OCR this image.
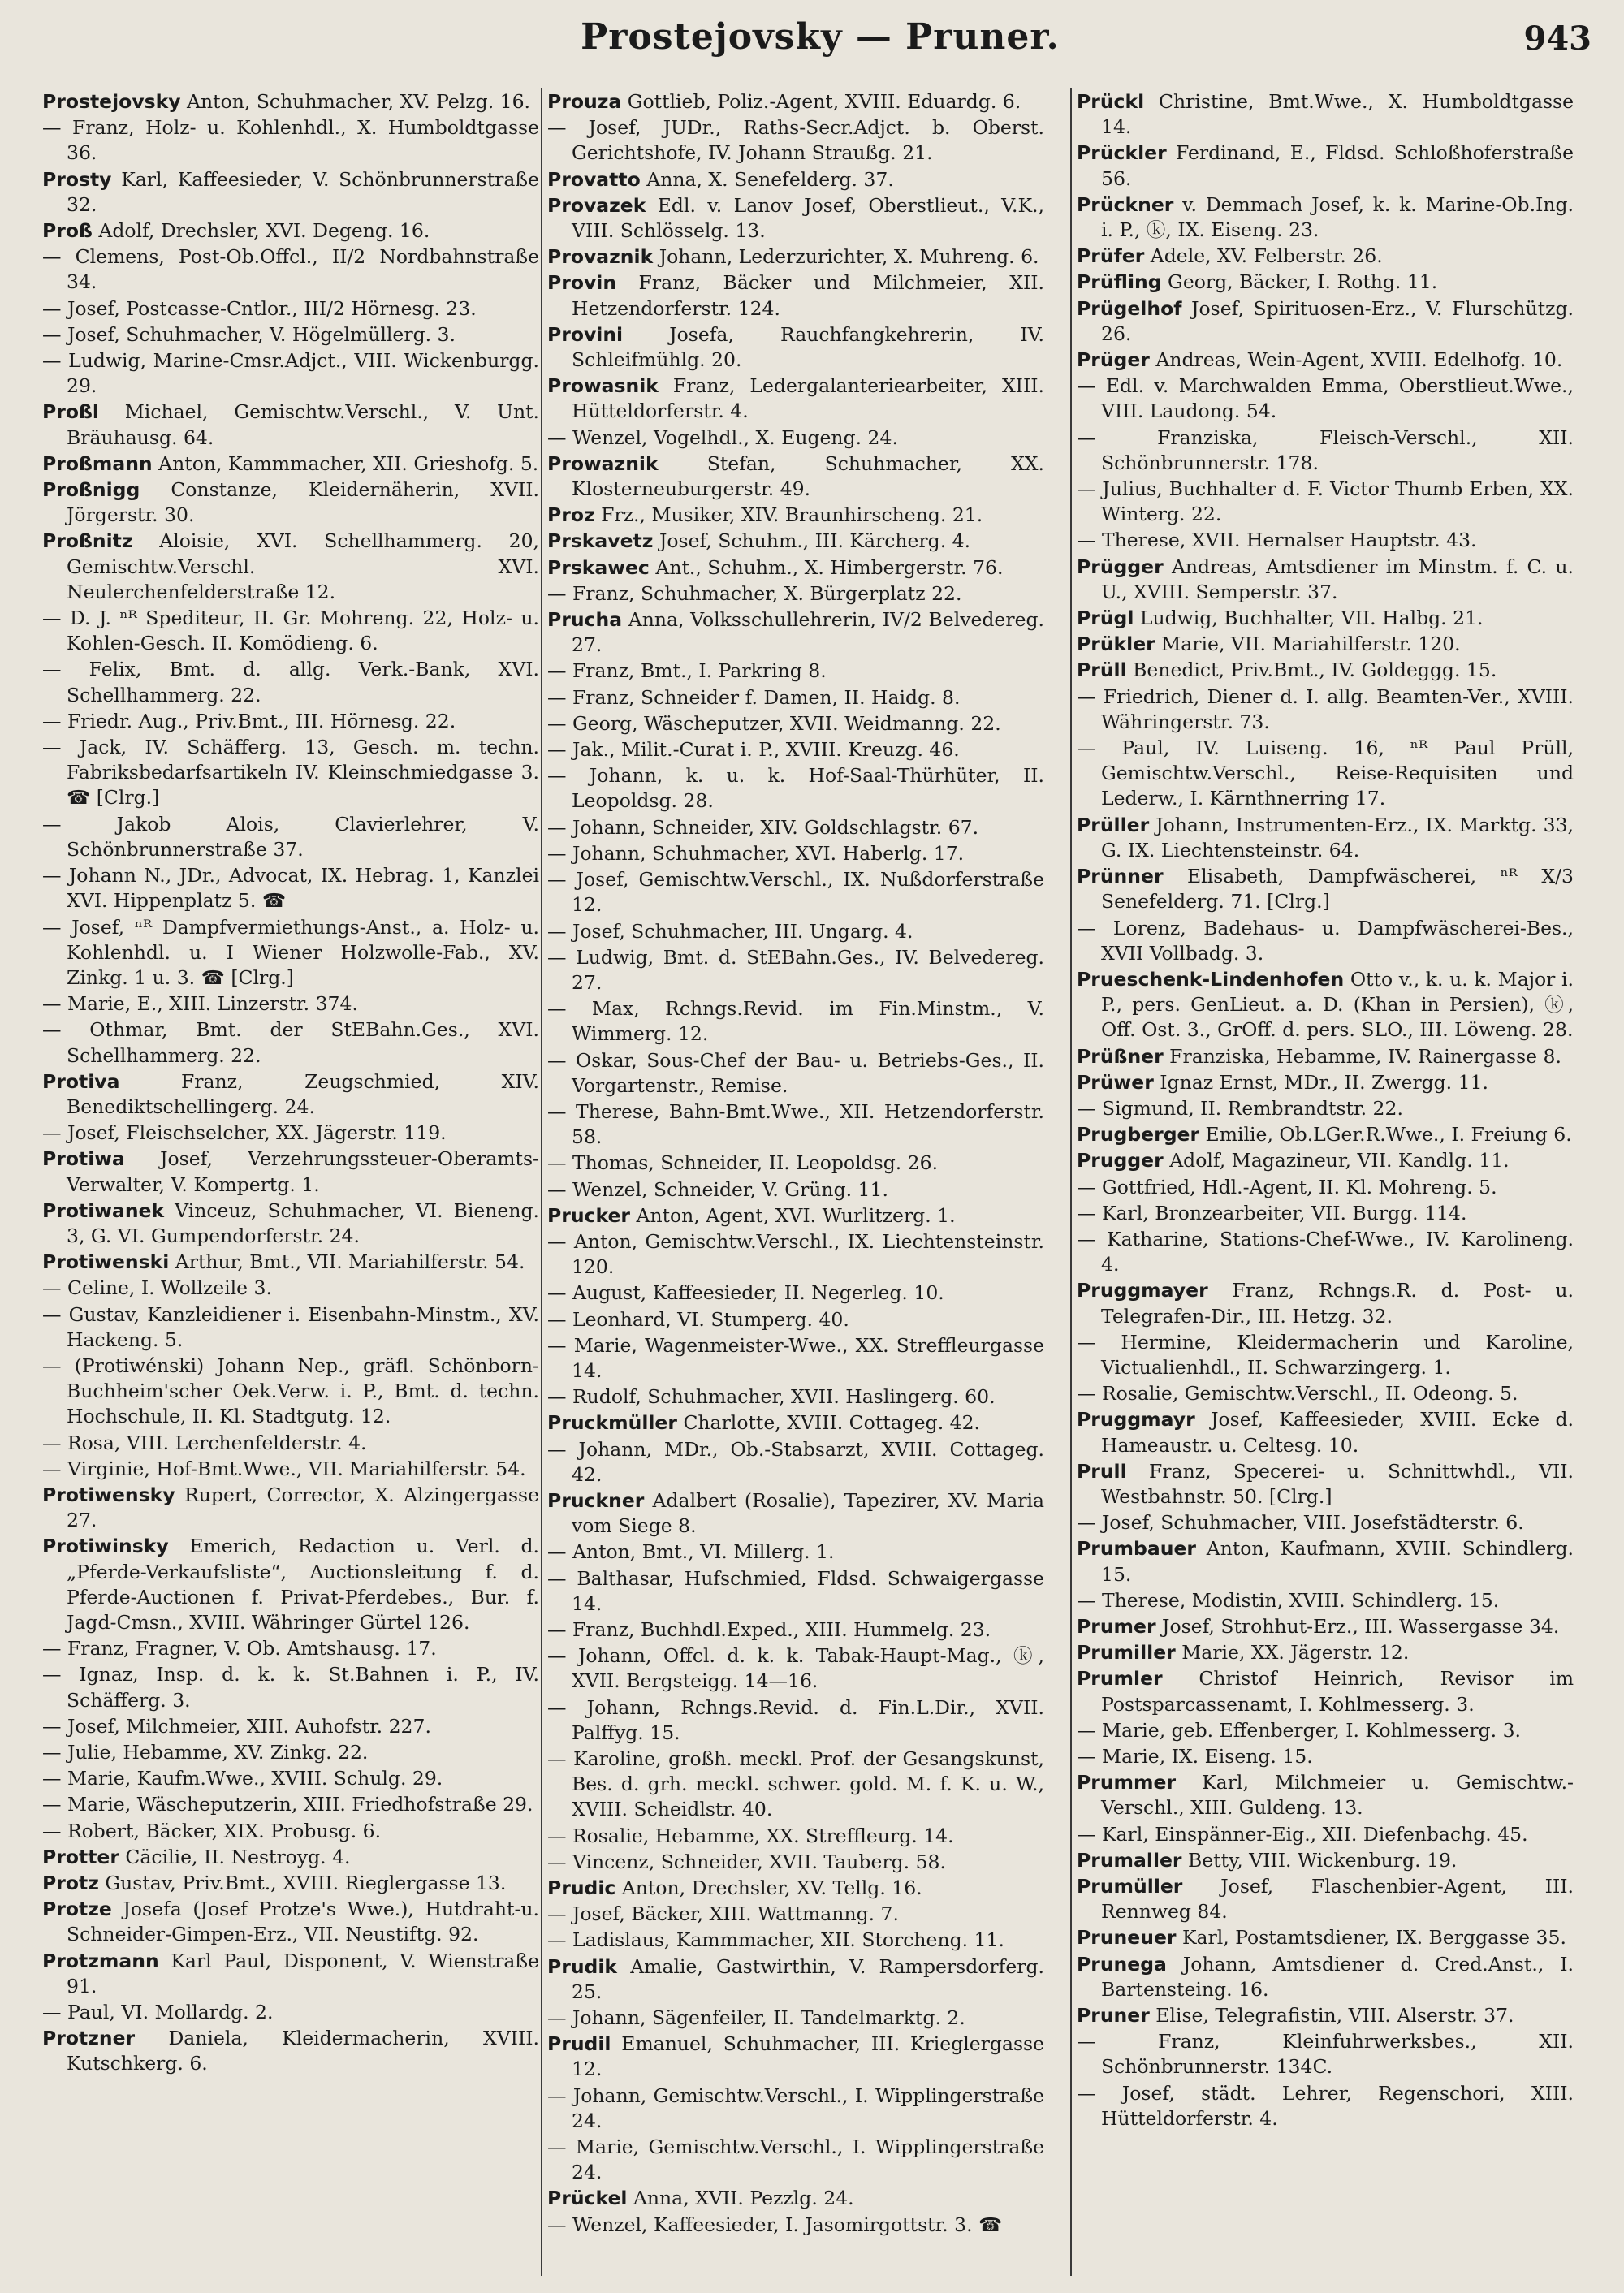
Prostejovsky — Pruner.	943

Prostejovsky Anton, Schuhmacher, XV. Pelzg. 16.

— Franz, Holz- u. Kohlenhdl., X. Humboldtgasse 36.

Prosty Karl, Kaffeesieder, V. Schönbrunnerstraße 32.

Proß Adolf, Drechsler, XVI. Degeng. 16.

— Clemens, Post-Ob.Offcl., II/2 Nordbahnstraße 34.

— Josef, Postcasse-Cntlor., III/2 Hörnesg. 23.

— Josef, Schuhmacher, V. Högelmüllerg. 3.

— Ludwig, Marine-Cmsr.Adjct., VIII. Wickenburgg. 29.

Proßl Michael, Gemischtw.Verschl., V. Unt. Bräuhausg. 64.

Proßmann Anton, Kammmacher, XII. Grieshofg. 5.

Proßnigg Constanze, Kleidernäherin, XVII. Jörgerstr. 30.

Proßnitz Aloisie, XVI. Schellhammerg. 20, Gemischtw.Verschl. XVI. Neulerchenfelderstraße 12.

— D. J. ⁿᴿ Spediteur, II. Gr. Mohreng. 22, Holz- u. Kohlen-Gesch. II. Komödieng. 6.

— Felix, Bmt. d. allg. Verk.-Bank, XVI. Schellhammerg. 22.

— Friedr. Aug., Priv.Bmt., III. Hörnesg. 22.

— Jack, IV. Schäfferg. 13, Gesch. m. techn. Fabriksbedarfsartikeln IV. Kleinschmiedgasse 3. ☎ [Clrg.]

— Jakob Alois, Clavierlehrer, V. Schönbrunnerstraße 37.

— Johann N., JDr., Advocat, IX. Hebrag. 1, Kanzlei XVI. Hippenplatz 5. ☎

— Josef, ⁿᴿ Dampfvermiethungs-Anst., a. Holz- u. Kohlenhdl. u. I Wiener Holzwolle-Fab., XV. Zinkg. 1 u. 3. ☎ [Clrg.]

— Marie, E., XIII. Linzerstr. 374.

— Othmar, Bmt. der StEBahn.Ges., XVI. Schellhammerg. 22.

Protiva Franz, Zeugschmied, XIV. Benediktschellingerg. 24.

— Josef, Fleischselcher, XX. Jägerstr. 119.

Protiwa Josef, Verzehrungssteuer-Oberamts-Verwalter, V. Kompertg. 1.

Protiwanek Vinceuz, Schuhmacher, VI. Bieneng. 3, G. VI. Gumpendorferstr. 24.

Protiwenski Arthur, Bmt., VII. Mariahilferstr. 54.

— Celine, I. Wollzeile 3.

— Gustav, Kanzleidiener i. Eisenbahn-Minstm., XV. Hackeng. 5.

— (Protiwénski) Johann Nep., gräfl. Schönborn-Buchheim'scher Oek.Verw. i. P., Bmt. d. techn. Hochschule, II. Kl. Stadtgutg. 12.

— Rosa, VIII. Lerchenfelderstr. 4.

— Virginie, Hof-Bmt.Wwe., VII. Mariahilferstr. 54.

Protiwensky Rupert, Corrector, X. Alzingergasse 27.

Protiwinsky Emerich, Redaction u. Verl. d. „Pferde-Verkaufsliste“, Auctionsleitung f. d. Pferde-Auctionen f. Privat-Pferdebes., Bur. f. Jagd-Cmsn., XVIII. Währinger Gürtel 126.

— Franz, Fragner, V. Ob. Amtshausg. 17.

— Ignaz, Insp. d. k. k. St.Bahnen i. P., IV. Schäfferg. 3.

— Josef, Milchmeier, XIII. Auhofstr. 227.

— Julie, Hebamme, XV. Zinkg. 22.

— Marie, Kaufm.Wwe., XVIII. Schulg. 29.

— Marie, Wäscheputzerin, XIII. Friedhofstraße 29.

— Robert, Bäcker, XIX. Probusg. 6.

Protter Cäcilie, II. Nestroyg. 4.

Protz Gustav, Priv.Bmt., XVIII. Rieglergasse 13.

Protze Josefa (Josef Protze's Wwe.), Hutdraht-u. Schneider-Gimpen-Erz., VII. Neustiftg. 92.

Protzmann Karl Paul, Disponent, V. Wienstraße 91.

— Paul, VI. Mollardg. 2.

Protzner Daniela, Kleidermacherin, XVIII. Kutschkerg. 6.

Prouza Gottlieb, Poliz.-Agent, XVIII. Eduardg. 6.

— Josef, JUDr., Raths-Secr.Adjct. b. Oberst. Gerichtshofe, IV. Johann Straußg. 21.

Provatto Anna, X. Senefelderg. 37.

Provazek Edl. v. Lanov Josef, Oberstlieut., V.K., VIII. Schlösselg. 13.

Provaznik Johann, Lederzurichter, X. Muhreng. 6.

Provin Franz, Bäcker und Milchmeier, XII. Hetzendorferstr. 124.

Provini Josefa, Rauchfangkehrerin, IV. Schleifmühlg. 20.

Prowasnik Franz, Ledergalanteriearbeiter, XIII. Hütteldorferstr. 4.

— Wenzel, Vogelhdl., X. Eugeng. 24.

Prowaznik Stefan, Schuhmacher, XX. Klosterneuburgerstr. 49.

Proz Frz., Musiker, XIV. Braunhirscheng. 21.

Prskavetz Josef, Schuhm., III. Kärcherg. 4.

Prskawec Ant., Schuhm., X. Himbergerstr. 76.

— Franz, Schuhmacher, X. Bürgerplatz 22.

Prucha Anna, Volksschullehrerin, IV/2 Belvedereg. 27.

— Franz, Bmt., I. Parkring 8.

— Franz, Schneider f. Damen, II. Haidg. 8.

— Georg, Wäscheputzer, XVII. Weidmanng. 22.

— Jak., Milit.-Curat i. P., XVIII. Kreuzg. 46.

— Johann, k. u. k. Hof-Saal-Thürhüter, II. Leopoldsg. 28.

— Johann, Schneider, XIV. Goldschlagstr. 67.

— Johann, Schuhmacher, XVI. Haberlg. 17.

— Josef, Gemischtw.Verschl., IX. Nußdorferstraße 12.

— Josef, Schuhmacher, III. Ungarg. 4.

— Ludwig, Bmt. d. StEBahn.Ges., IV. Belvedereg. 27.

— Max, Rchngs.Revid. im Fin.Minstm., V. Wimmerg. 12.

— Oskar, Sous-Chef der Bau- u. Betriebs-Ges., II. Vorgartenstr., Remise.

— Therese, Bahn-Bmt.Wwe., XII. Hetzendorferstr. 58.

— Thomas, Schneider, II. Leopoldsg. 26.

— Wenzel, Schneider, V. Grüng. 11.

Prucker Anton, Agent, XVI. Wurlitzerg. 1.

— Anton, Gemischtw.Verschl., IX. Liechtensteinstr. 120.

— August, Kaffeesieder, II. Negerleg. 10.

— Leonhard, VI. Stumperg. 40.

— Marie, Wagenmeister-Wwe., XX. Streffleurgasse 14.

— Rudolf, Schuhmacher, XVII. Haslingerg. 60.

Pruckmüller Charlotte, XVIII. Cottageg. 42.

— Johann, MDr., Ob.-Stabsarzt, XVIII. Cottageg. 42.

Pruckner Adalbert (Rosalie), Tapezirer, XV. Maria vom Siege 8.

— Anton, Bmt., VI. Millerg. 1.

— Balthasar, Hufschmied, Fldsd. Schwaigergasse 14.

— Franz, Buchhdl.Exped., XIII. Hummelg. 23.

— Johann, Offcl. d. k. k. Tabak-Haupt-Mag., ⓚ, XVII. Bergsteigg. 14—16.

— Johann, Rchngs.Revid. d. Fin.L.Dir., XVII. Palffyg. 15.

— Karoline, großh. meckl. Prof. der Gesangskunst, Bes. d. grh. meckl. schwer. gold. M. f. K. u. W., XVIII. Scheidlstr. 40.

— Rosalie, Hebamme, XX. Streffleurg. 14.

— Vincenz, Schneider, XVII. Tauberg. 58.

Prudic Anton, Drechsler, XV. Tellg. 16.

— Josef, Bäcker, XIII. Wattmanng. 7.

— Ladislaus, Kammmacher, XII. Storcheng. 11.

Prudik Amalie, Gastwirthin, V. Rampersdorferg. 25.

— Johann, Sägenfeiler, II. Tandelmarktg. 2.

Prudil Emanuel, Schuhmacher, III. Krieglergasse 12.

— Johann, Gemischtw.Verschl., I. Wipplingerstraße 24.

— Marie, Gemischtw.Verschl., I. Wipplingerstraße 24.

Prückel Anna, XVII. Pezzlg. 24.

— Wenzel, Kaffeesieder, I. Jasomirgottstr. 3. ☎

Prückl Christine, Bmt.Wwe., X. Humboldtgasse 14.

Prückler Ferdinand, E., Fldsd. Schloßhoferstraße 56.

Prückner v. Demmach Josef, k. k. Marine-Ob.Ing. i. P., ⓚ, IX. Eiseng. 23.

Prüfer Adele, XV. Felberstr. 26.

Prüfling Georg, Bäcker, I. Rothg. 11.

Prügelhof Josef, Spirituosen-Erz., V. Flurschützg. 26.

Prüger Andreas, Wein-Agent, XVIII. Edelhofg. 10.

— Edl. v. Marchwalden Emma, Oberstlieut.Wwe., VIII. Laudong. 54.

— Franziska, Fleisch-Verschl., XII. Schönbrunnerstr. 178.

— Julius, Buchhalter d. F. Victor Thumb Erben, XX. Winterg. 22.

— Therese, XVII. Hernalser Hauptstr. 43.

Prügger Andreas, Amtsdiener im Minstm. f. C. u. U., XVIII. Semperstr. 37.

Prügl Ludwig, Buchhalter, VII. Halbg. 21.

Prükler Marie, VII. Mariahilferstr. 120.

Prüll Benedict, Priv.Bmt., IV. Goldeggg. 15.

— Friedrich, Diener d. I. allg. Beamten-Ver., XVIII. Währingerstr. 73.

— Paul, IV. Luiseng. 16, ⁿᴿ Paul Prüll, Gemischtw.Verschl., Reise-Requisiten und Lederw., I. Kärnthnerring 17.

Prüller Johann, Instrumenten-Erz., IX. Marktg. 33, G. IX. Liechtensteinstr. 64.

Prünner Elisabeth, Dampfwäscherei, ⁿᴿ X/3 Senefelderg. 71. [Clrg.]

— Lorenz, Badehaus- u. Dampfwäscherei-Bes., XVII Vollbadg. 3.

Prueschenk-Lindenhofen Otto v., k. u. k. Major i. P., pers. GenLieut. a. D. (Khan in Persien), ⓚ, Off. Ost. 3., GrOff. d. pers. SLO., III. Löweng. 28.

Prüßner Franziska, Hebamme, IV. Rainergasse 8.

Prüwer Ignaz Ernst, MDr., II. Zwergg. 11.

— Sigmund, II. Rembrandtstr. 22.

Prugberger Emilie, Ob.LGer.R.Wwe., I. Freiung 6.

Prugger Adolf, Magazineur, VII. Kandlg. 11.

— Gottfried, Hdl.-Agent, II. Kl. Mohreng. 5.

— Karl, Bronzearbeiter, VII. Burgg. 114.

— Katharine, Stations-Chef-Wwe., IV. Karolineng. 4.

Pruggmayer Franz, Rchngs.R. d. Post- u. Telegrafen-Dir., III. Hetzg. 32.

— Hermine, Kleidermacherin und Karoline, Victualienhdl., II. Schwarzingerg. 1.

— Rosalie, Gemischtw.Verschl., II. Odeong. 5.

Pruggmayr Josef, Kaffeesieder, XVIII. Ecke d. Hameaustr. u. Celtesg. 10.

Prull Franz, Specerei- u. Schnittwhdl., VII. Westbahnstr. 50. [Clrg.]

— Josef, Schuhmacher, VIII. Josefstädterstr. 6.

Prumbauer Anton, Kaufmann, XVIII. Schindlerg. 15.

— Therese, Modistin, XVIII. Schindlerg. 15.

Prumer Josef, Strohhut-Erz., III. Wassergasse 34.

Prumiller Marie, XX. Jägerstr. 12.

Prumler Christof Heinrich, Revisor im Postsparcassenamt, I. Kohlmesserg. 3.

— Marie, geb. Effenberger, I. Kohlmesserg. 3.

— Marie, IX. Eiseng. 15.

Prummer Karl, Milchmeier u. Gemischtw.-Verschl., XIII. Guldeng. 13.

— Karl, Einspänner-Eig., XII. Diefenbachg. 45.

Prumaller Betty, VIII. Wickenburg. 19.

Prumüller Josef, Flaschenbier-Agent, III. Rennweg 84.

Pruneuer Karl, Postamtsdiener, IX. Berggasse 35.

Prunega Johann, Amtsdiener d. Cred.Anst., I. Bartensteing. 16.

Pruner Elise, Telegrafistin, VIII. Alserstr. 37.

— Franz, Kleinfuhrwerksbes., XII. Schönbrunnerstr. 134C.

— Josef, städt. Lehrer, Regenschori, XIII. Hütteldorferstr. 4.
